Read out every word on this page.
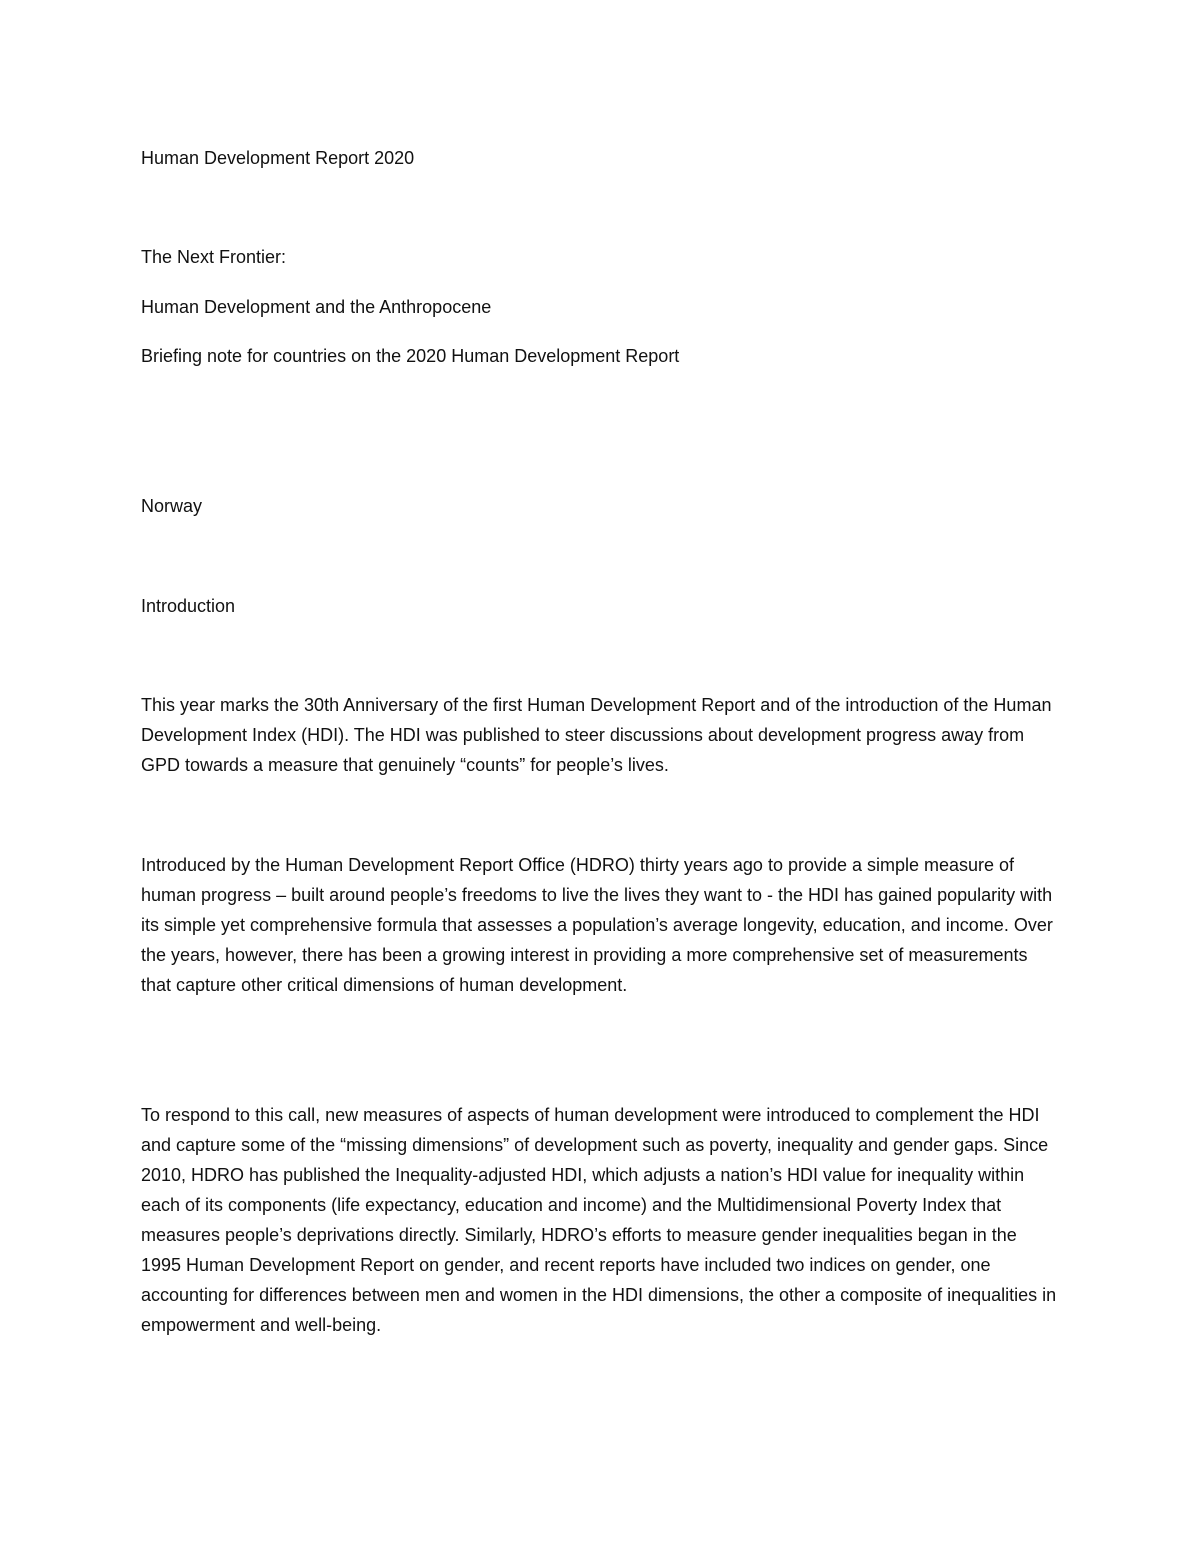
Human Development Report 2020

The Next Frontier:

Human Development and the Anthropocene

Briefing note for countries on the 2020 Human Development Report

Norway

Introduction

This year marks the 30th Anniversary of the first Human Development Report and of the introduction of the Human Development Index (HDI). The HDI was published to steer discussions about development progress away from GPD towards a measure that genuinely “counts” for people’s lives.

Introduced by the Human Development Report Office (HDRO) thirty years ago to provide a simple measure of human progress – built around people’s freedoms to live the lives they want to - the HDI has gained popularity with its simple yet comprehensive formula that assesses a population’s average longevity, education, and income. Over the years, however, there has been a growing interest in providing a more comprehensive set of measurements that capture other critical dimensions of human development.

To respond to this call, new measures of aspects of human development were introduced to complement the HDI and capture some of the “missing dimensions” of development such as poverty, inequality and gender gaps. Since 2010, HDRO has published the Inequality-adjusted HDI, which adjusts a nation’s HDI value for inequality within each of its components (life expectancy, education and income) and the Multidimensional Poverty Index that measures people’s deprivations directly. Similarly, HDRO’s efforts to measure gender inequalities began in the 1995 Human Development Report on gender, and recent reports have included two indices on gender, one accounting for differences between men and women in the HDI dimensions, the other a composite of inequalities in empowerment and well-being.
